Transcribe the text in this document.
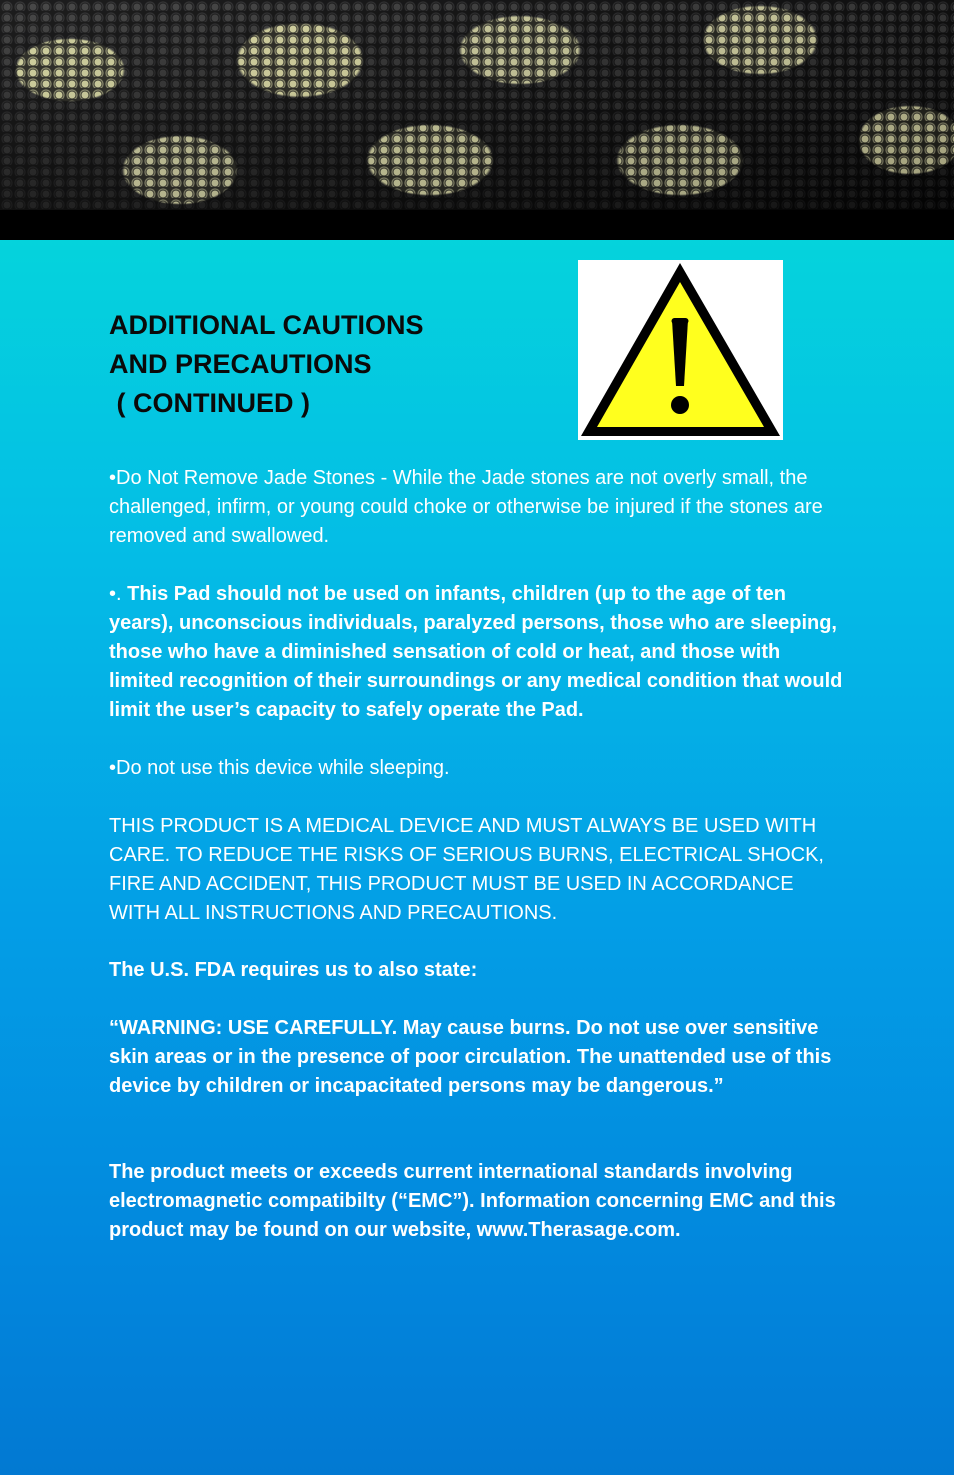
ADDITIONAL CAUTIONS
AND PRECAUTIONS
( CONTINUED )

•Do Not Remove Jade Stones - While the Jade stones are not overly small, the challenged, infirm, or young could choke or otherwise be injured if the stones are removed and swallowed.

•. This Pad should not be used on infants, children (up to the age of ten years), unconscious individuals, paralyzed persons, those who are sleeping, those who have a diminished sensation of cold or heat, and those with limited recognition of their surroundings or any medical condition that would limit the user’s capacity to safely operate the Pad.

•Do not use this device while sleeping.

THIS PRODUCT IS A MEDICAL DEVICE AND MUST ALWAYS BE USED WITH CARE. TO REDUCE THE RISKS OF SERIOUS BURNS, ELECTRICAL SHOCK, FIRE AND ACCIDENT, THIS PRODUCT MUST BE USED IN ACCORDANCE WITH ALL INSTRUCTIONS AND PRECAUTIONS.

The U.S. FDA requires us to also state:

“WARNING: USE CAREFULLY. May cause burns. Do not use over sensitive skin areas or in the presence of poor circulation. The unattended use of this device by children or incapacitated persons may be dangerous.”

The product meets or exceeds current international standards involving electromagnetic compatibilty (“EMC”). Information concerning EMC and this product may be found on our website, www.Therasage.com.
